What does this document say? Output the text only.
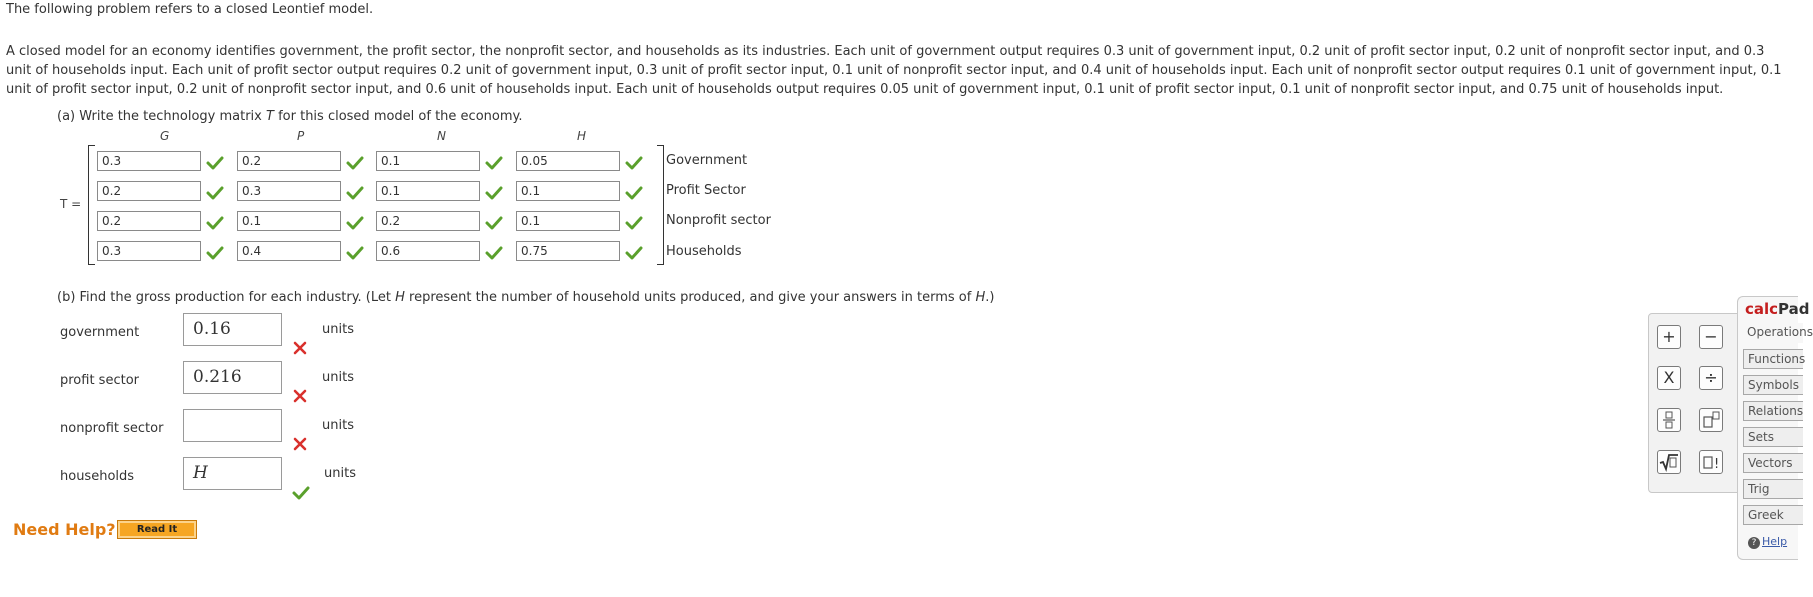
The following problem refers to a closed Leontief model.
A closed model for an economy identifies government, the profit sector, the nonprofit sector, and households as its industries. Each unit of government output requires 0.3 unit of government input, 0.2 unit of profit sector input, 0.2 unit of nonprofit sector input, and 0.3 unit of households input. Each unit of profit sector output requires 0.2 unit of government input, 0.3 unit of profit sector input, 0.1 unit of nonprofit sector input, and 0.4 unit of households input. Each unit of nonprofit sector output requires 0.1 unit of government input, 0.1 unit of profit sector input, 0.2 unit of nonprofit sector input, and 0.6 unit of households input. Each unit of households output requires 0.05 unit of government input, 0.1 unit of profit sector input, 0.1 unit of nonprofit sector input, and 0.75 unit of households input.
(a) Write the technology matrix T for this closed model of the economy.
G	P	N	H
T =
0.3	0.2	0.1	0.05
0.2	0.3	0.1	0.1
0.2	0.1	0.2	0.1
0.3	0.4	0.6	0.75
Government
Profit Sector
Nonprofit sector
Households
(b) Find the gross production for each industry. (Let H represent the number of household units produced, and give your answers in terms of H.)
government	0.16	units
profit sector	0.216	units
nonprofit sector	units
households	H	units
Need Help?	Read It
+	−
X	÷
!
calcPad
Operations
Functions
Symbols
Relations
Sets
Vectors
Trig
Greek
? Help
